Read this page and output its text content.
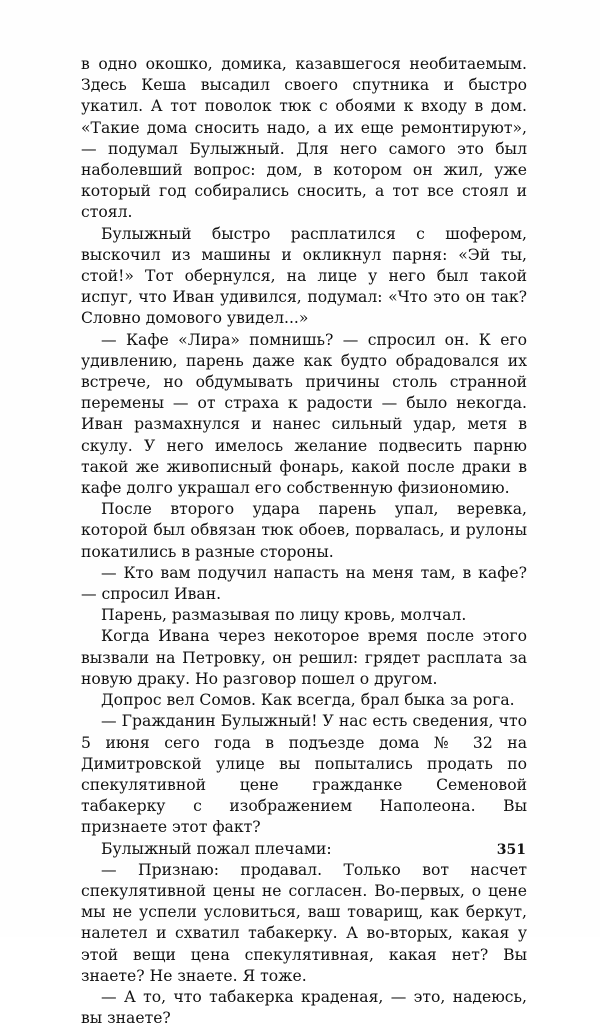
в одно окошко, домика, казавшегося необитаемым. Здесь Кеша высадил своего спутника и быстро укатил. А тот поволок тюк с обоями к входу в дом. «Такие дома сносить надо, а их еще ремонтируют», — подумал Булыжный. Для него самого это был наболевший вопрос: дом, в котором он жил, уже который год собирались сносить, а тот все стоял и стоял.

Булыжный быстро расплатился с шофером, выскочил из машины и окликнул парня: «Эй ты, стой!» Тот обернулся, на лице у него был такой испуг, что Иван удивился, подумал: «Что это он так? Словно домового увидел...»

— Кафе «Лира» помнишь? — спросил он. К его удивлению, парень даже как будто обрадовался их встрече, но обдумывать причины столь странной перемены — от страха к радости — было некогда. Иван размахнулся и нанес сильный удар, метя в скулу. У него имелось желание подвесить парню такой же живописный фонарь, какой после драки в кафе долго украшал его собственную физиономию.

После второго удара парень упал, веревка, которой был обвязан тюк обоев, порвалась, и рулоны покатились в разные стороны.

— Кто вам подучил напасть на меня там, в кафе? — спросил Иван.

Парень, размазывая по лицу кровь, молчал.

Когда Ивана через некоторое время после этого вызвали на Петровку, он решил: грядет расплата за новую драку. Но разговор пошел о другом.

Допрос вел Сомов. Как всегда, брал быка за рога.

— Гражданин Булыжный! У нас есть сведения, что 5 июня сего года в подъезде дома № 32 на Димитровской улице вы попытались продать по спекулятивной цене гражданке Семеновой табакерку с изображением Наполеона. Вы признаете этот факт?

Булыжный пожал плечами:

— Признаю: продавал. Только вот насчет спекулятивной цены не согласен. Во-первых, о цене мы не успели условиться, ваш товарищ, как беркут, налетел и схватил табакерку. А во-вторых, какая у этой вещи цена спекулятивная, какая нет? Вы знаете? Не знаете. Я тоже.

— А то, что табакерка краденая, — это, надеюсь, вы знаете?

351
